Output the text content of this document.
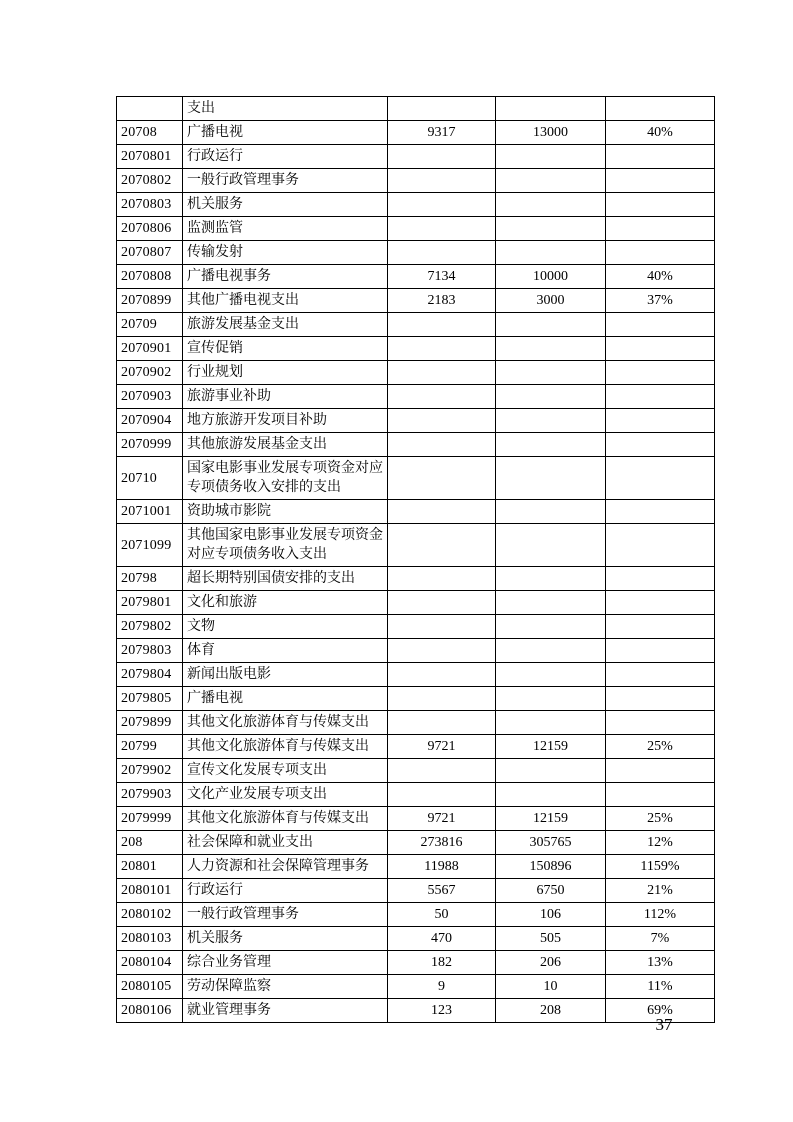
	支出			
20708	广播电视	9317	13000	40%
2070801	行政运行			
2070802	一般行政管理事务			
2070803	机关服务			
2070806	监测监管			
2070807	传输发射			
2070808	广播电视事务	7134	10000	40%
2070899	其他广播电视支出	2183	3000	37%
20709	旅游发展基金支出			
2070901	宣传促销			
2070902	行业规划			
2070903	旅游事业补助			
2070904	地方旅游开发项目补助			
2070999	其他旅游发展基金支出			
20710	国家电影事业发展专项资金对应专项债务收入安排的支出			
2071001	资助城市影院			
2071099	其他国家电影事业发展专项资金对应专项债务收入支出			
20798	超长期特别国债安排的支出			
2079801	文化和旅游			
2079802	文物			
2079803	体育			
2079804	新闻出版电影			
2079805	广播电视			
2079899	其他文化旅游体育与传媒支出			
20799	其他文化旅游体育与传媒支出	9721	12159	25%
2079902	宣传文化发展专项支出			
2079903	文化产业发展专项支出			
2079999	其他文化旅游体育与传媒支出	9721	12159	25%
208	社会保障和就业支出	273816	305765	12%
20801	人力资源和社会保障管理事务	11988	150896	1159%
2080101	行政运行	5567	6750	21%
2080102	一般行政管理事务	50	106	112%
2080103	机关服务	470	505	7%
2080104	综合业务管理	182	206	13%
2080105	劳动保障监察	9	10	11%
2080106	就业管理事务	123	208	69%
37
